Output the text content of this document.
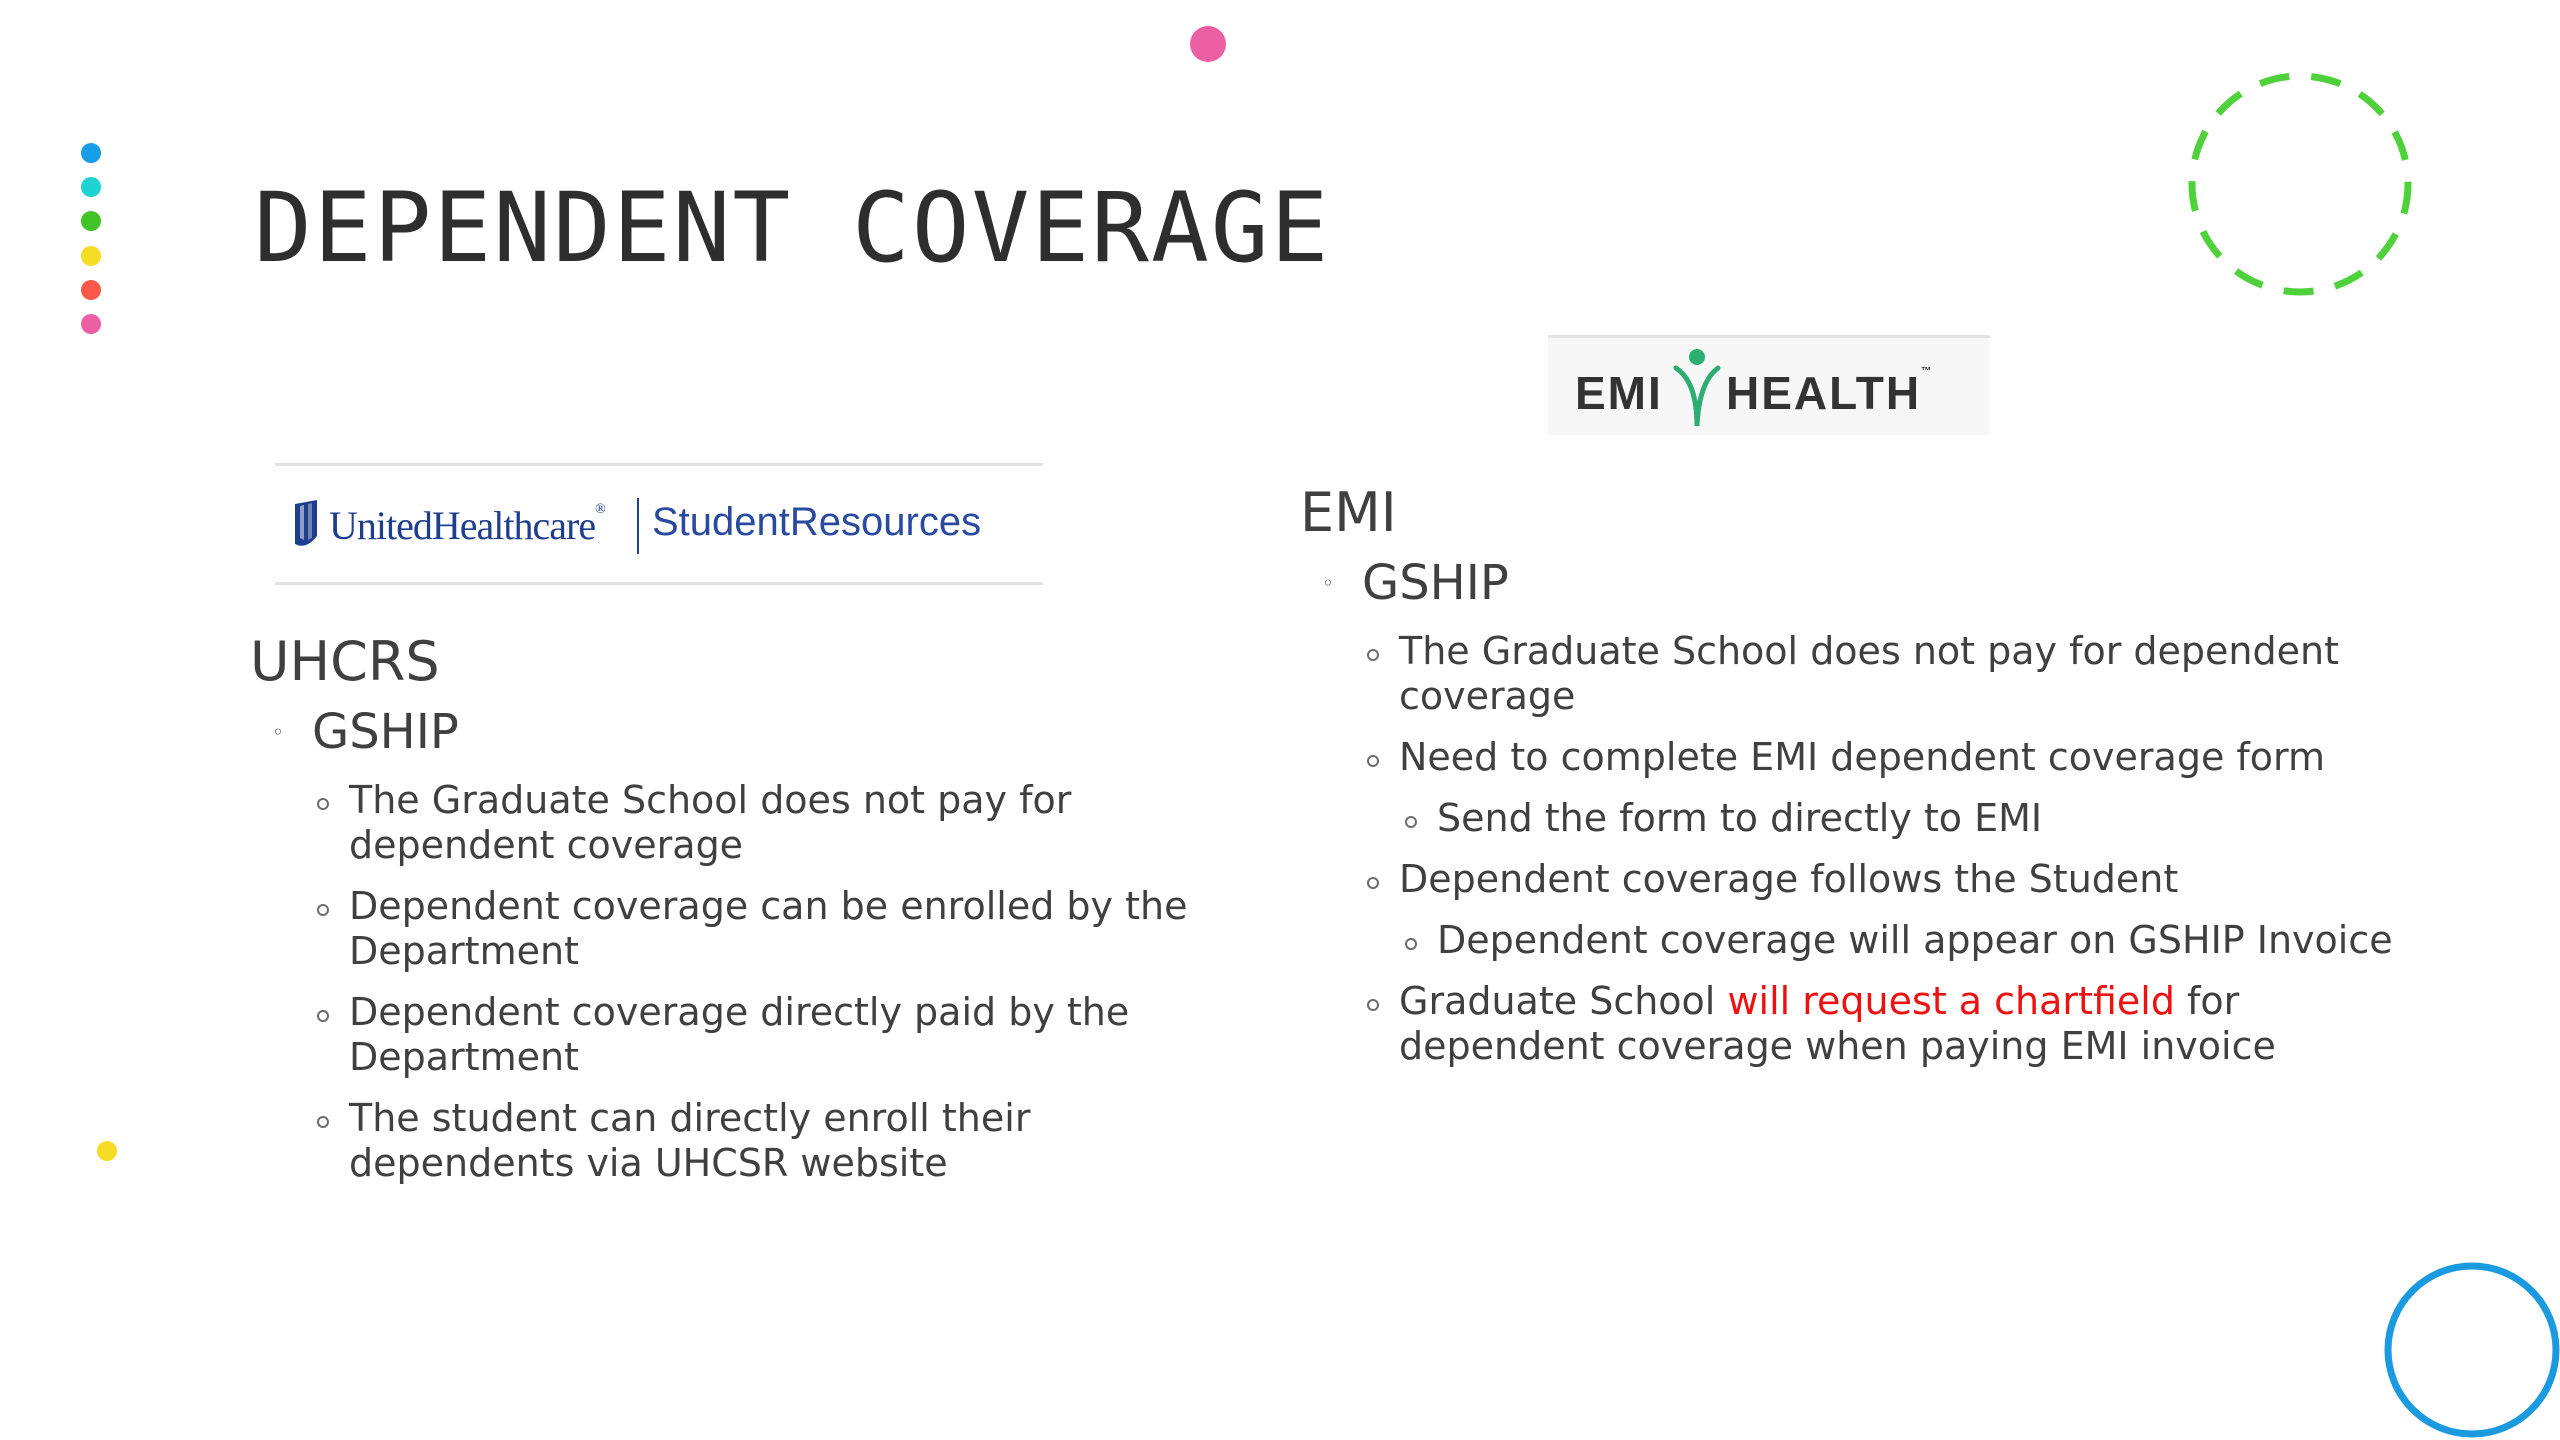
DEPENDENT COVERAGE
UnitedHealthcare® StudentResources
EMI HEALTH™
UHCRS
◦ GSHIP
The Graduate School does not pay for dependent coverage
Dependent coverage can be enrolled by the Department
Dependent coverage directly paid by the Department
The student can directly enroll their dependents via UHCSR website
EMI
◦ GSHIP
The Graduate School does not pay for dependent coverage
Need to complete EMI dependent coverage form
Send the form to directly to EMI
Dependent coverage follows the Student
Dependent coverage will appear on GSHIP Invoice
Graduate School will request a chartfield for dependent coverage when paying EMI invoice
